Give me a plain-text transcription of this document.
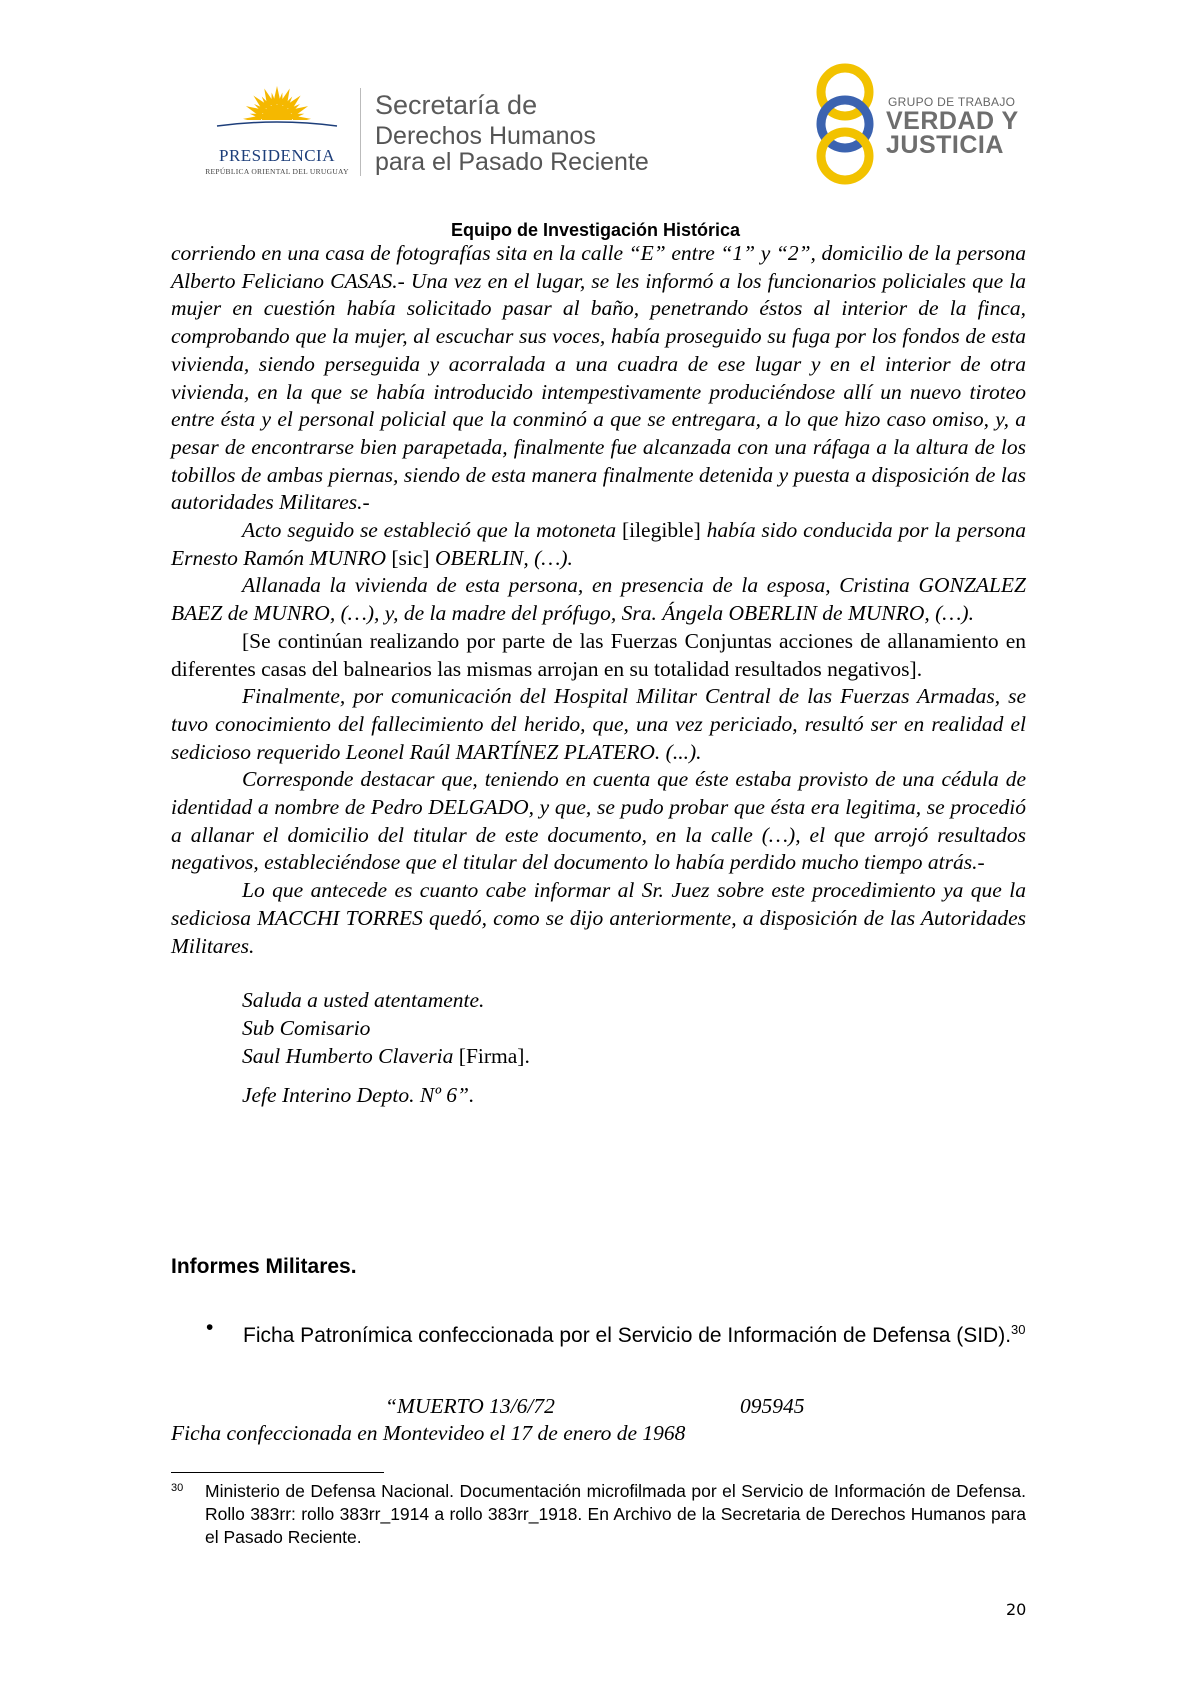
PRESIDENCIA
REPÚBLICA ORIENTAL DEL URUGUAY
Secretaría de
Derechos Humanos
para el Pasado Reciente
GRUPO DE TRABAJO
VERDAD Y
JUSTICIA
Equipo de Investigación Histórica

corriendo en una casa de fotografías sita en la calle “E” entre “1” y “2”, domicilio de la persona Alberto Feliciano CASAS.- Una vez en el lugar, se les informó a los funcionarios policiales que la mujer en cuestión había solicitado pasar al baño, penetrando éstos al interior de la finca, comprobando que la mujer, al escuchar sus voces, había proseguido su fuga por los fondos de esta vivienda, siendo perseguida y acorralada a una cuadra de ese lugar y en el interior de otra vivienda, en la que se había introducido intempestivamente produciéndose allí un nuevo tiroteo entre ésta y el personal policial que la conminó a que se entregara, a lo que hizo caso omiso, y, a pesar de encontrarse bien parapetada, finalmente fue alcanzada con una ráfaga a la altura de los tobillos de ambas piernas, siendo de esta manera finalmente detenida y puesta a disposición de las autoridades Militares.-

Acto seguido se estableció que la motoneta [ilegible] había sido conducida por la persona Ernesto Ramón MUNRO [sic] OBERLIN, (…).

Allanada la vivienda de esta persona, en presencia de la esposa, Cristina GONZALEZ BAEZ de MUNRO, (…), y, de la madre del prófugo, Sra. Ángela OBERLIN de MUNRO, (…).

[Se continúan realizando por parte de las Fuerzas Conjuntas acciones de allanamiento en diferentes casas del balnearios las mismas arrojan en su totalidad resultados negativos].

Finalmente, por comunicación del Hospital Militar Central de las Fuerzas Armadas, se tuvo conocimiento del fallecimiento del herido, que, una vez periciado, resultó ser en realidad el sedicioso requerido Leonel Raúl MARTÍNEZ PLATERO. (...).

Corresponde destacar que, teniendo en cuenta que éste estaba provisto de una cédula de identidad a nombre de Pedro DELGADO, y que, se pudo probar que ésta era legitima, se procedió a allanar el domicilio del titular de este documento, en la calle (…), el que arrojó resultados negativos, estableciéndose que el titular del documento lo había perdido mucho tiempo atrás.-

Lo que antecede es cuanto cabe informar al Sr. Juez sobre este procedimiento ya que la sediciosa MACCHI TORRES quedó, como se dijo anteriormente, a disposición de las Autoridades Militares.

Saluda a usted atentamente.

Sub Comisario

Saul Humberto Claveria [Firma].

Jefe Interino Depto. Nº 6”.

Informes Militares.
• Ficha Patronímica confeccionada por el Servicio de Información de Defensa (SID).$^{30}$
“MUERTO 13/6/72	095945
Ficha confeccionada en Montevideo el 17 de enero de 1968
30 Ministerio de Defensa Nacional. Documentación microfilmada por el Servicio de Información de Defensa. Rollo 383rr: rollo 383rr_1914 a rollo 383rr_1918. En Archivo de la Secretaria de Derechos Humanos para el Pasado Reciente.
20
